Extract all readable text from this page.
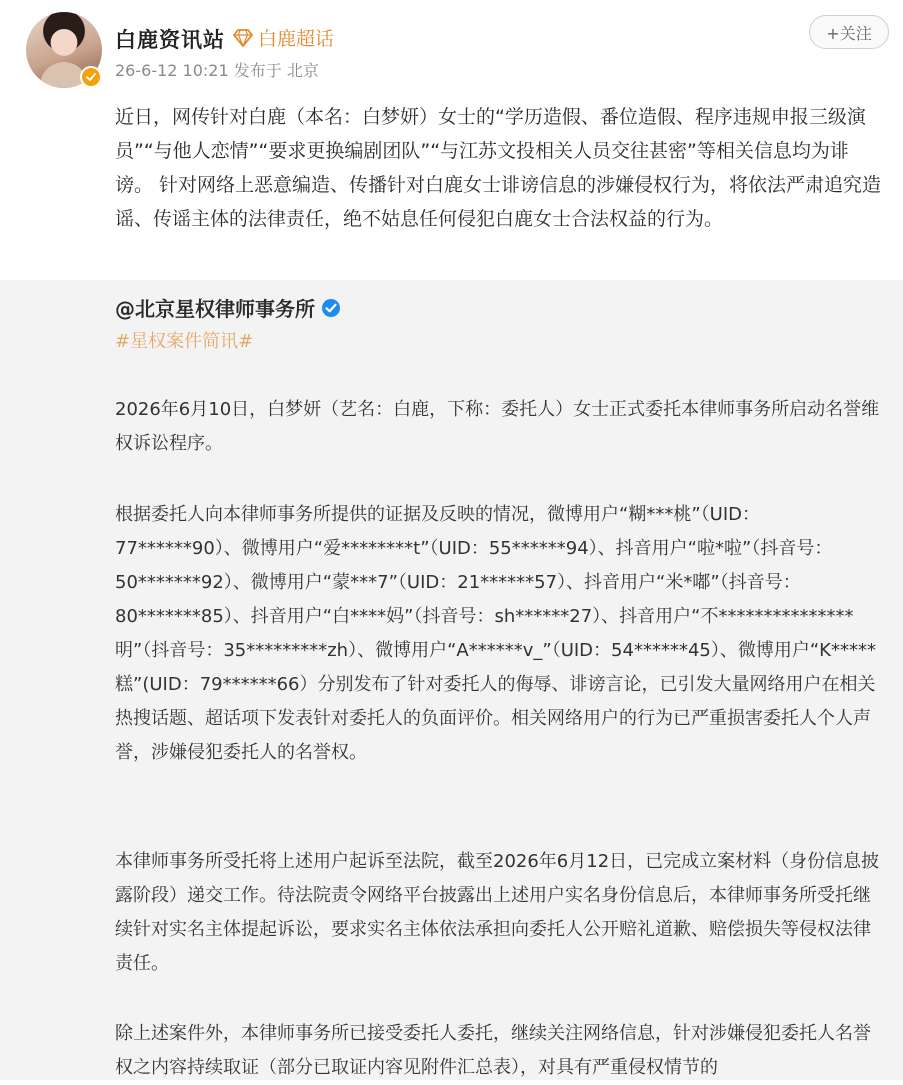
白鹿资讯站 白鹿超话
26-6-12 10:21 发布于 北京
+关注

近日，网传针对白鹿（本名：白梦妍）女士的“学历造假、番位造假、程序违规申报三级演员”“与他人恋情”“要求更换编剧团队”“与江苏文投相关人员交往甚密”等相关信息均为诽谤。 针对网络上恶意编造、传播针对白鹿女士诽谤信息的涉嫌侵权行为，将依法严肃追究造谣、传谣主体的法律责任，绝不姑息任何侵犯白鹿女士合法权益的行为。

@北京星权律师事务所
#星权案件简讯#

2026年6月10日，白梦妍（艺名：白鹿，下称：委托人）女士正式委托本律师事务所启动名誉维权诉讼程序。

根据委托人向本律师事务所提供的证据及反映的情况，微博用户“糊***桃”（UID：77******90）、微博用户“爱********t”（UID：55******94）、抖音用户“啦*啦”（抖音号：50*******92）、微博用户“蒙***7”（UID：21******57）、抖音用户“米*嘟”（抖音号：80*******85）、抖音用户“白****妈”（抖音号：sh******27）、抖音用户“不***************明”（抖音号：35*********zh）、微博用户“A******v_”（UID：54******45）、微博用户“K*****糕”(UID：79******66）分别发布了针对委托人的侮辱、诽谤言论，已引发大量网络用户在相关热搜话题、超话项下发表针对委托人的负面评价。相关网络用户的行为已严重损害委托人个人声誉，涉嫌侵犯委托人的名誉权。

本律师事务所受托将上述用户起诉至法院，截至2026年6月12日，已完成立案材料（身份信息披露阶段）递交工作。待法院责令网络平台披露出上述用户实名身份信息后，本律师事务所受托继续针对实名主体提起诉讼，要求实名主体依法承担向委托人公开赔礼道歉、赔偿损失等侵权法律责任。

除上述案件外，本律师事务所已接受委托人委托，继续关注网络信息，针对涉嫌侵犯委托人名誉权之内容持续取证（部分已取证内容见附件汇总表），对具有严重侵权情节的
